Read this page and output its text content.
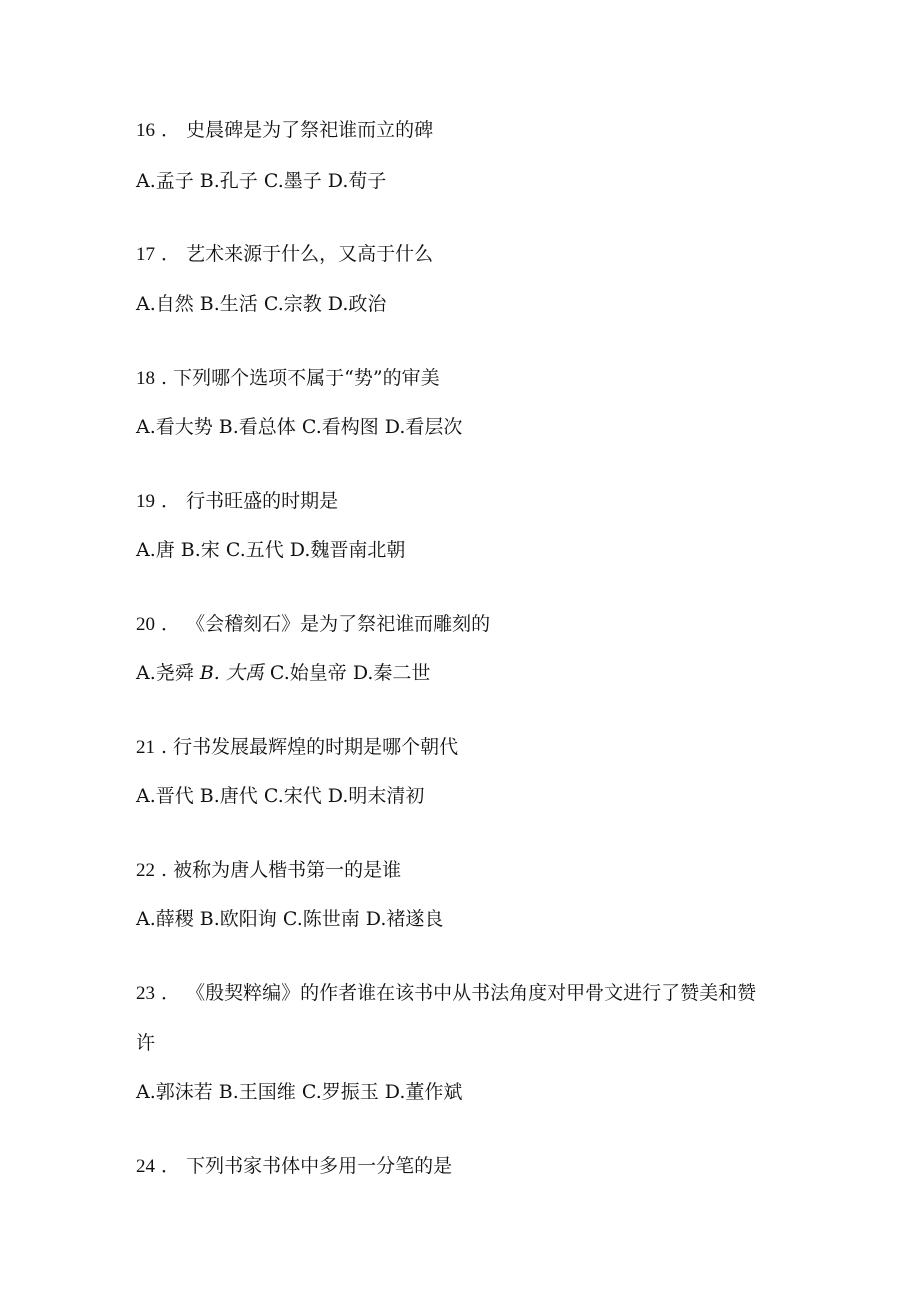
16 ． 史晨碑是为了祭祀谁而立的碑
A.孟子 B.孔子 C.墨子 D.荀子
17 ． 艺术来源于什么，又高于什么
A.自然 B.生活 C.宗教 D.政治
18 . 下列哪个选项不属于“势”的审美
A.看大势 B.看总体 C.看构图 D.看层次
19 ． 行书旺盛的时期是
A.唐 B.宋 C.五代 D.魏晋南北朝
20 ． 《会稽刻石》是为了祭祀谁而雕刻的
A.尧舜 B. 大禹 C.始皇帝 D.秦二世
21 . 行书发展最辉煌的时期是哪个朝代
A.晋代 B.唐代 C.宋代 D.明末清初
22 . 被称为唐人楷书第一的是谁
A.薛稷 B.欧阳询 C.陈世南 D.褚遂良
23 ． 《殷契粹编》的作者谁在该书中从书法角度对甲骨文进行了赞美和赞
许
A.郭沫若 B.王国维 C.罗振玉 D.董作斌
24 ． 下列书家书体中多用一分笔的是
